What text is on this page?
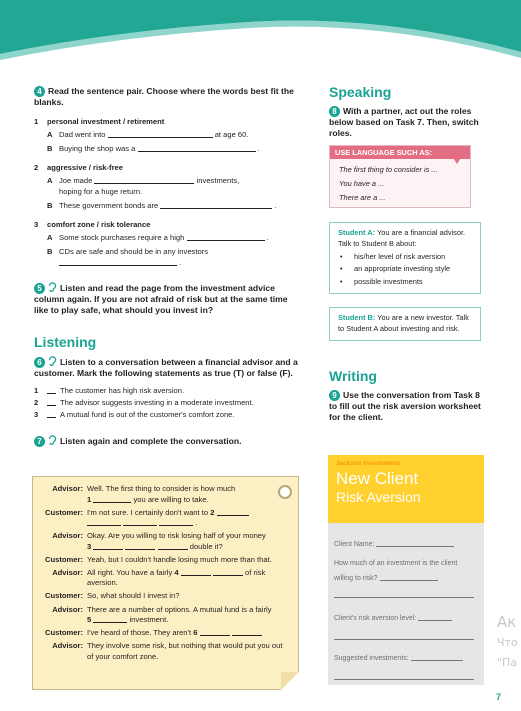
4 Read the sentence pair. Choose where the words best fit the blanks.
1 personal investment / retirement
A Dad went into	at age 60.
B Buying the shop was a	.
2 aggressive / risk-free
A Joe made	investments,
hoping for a huge return.
B These government bonds are	.
3 comfort zone / risk tolerance
A Some stock purchases require a high	.
B CDs are safe and should be in any investors
.
5 Listen and read the page from the investment advice column again. If you are not afraid of risk but at the same time like to play safe, what should you invest in?
Listening
6 Listen to a conversation between a financial advisor and a customer. Mark the following statements as true (T) or false (F).
1	The customer has high risk aversion.
2	The advisor suggests investing in a moderate investment.
3	A mutual fund is out of the customer's comfort zone.
7 Listen again and complete the conversation.
Advisor: Well. The first thing to consider is how much
1	you are willing to take.
Customer: I'm not sure. I certainly don't want to 2
.
Advisor: Okay. Are you willing to risk losing half of your money
3	double it?
Customer: Yeah, but I couldn't handle losing much more than that.
Advisor: All right. You have a fairly 4	of risk aversion.
Customer: So, what should I invest in?
Advisor: There are a number of options. A mutual fund is a fairly
5	investment.
Customer: I've heard of those. They aren't 6
Advisor: They involve some risk, but nothing that would put you out of your comfort zone.
Speaking
8 With a partner, act out the roles below based on Task 7. Then, switch roles.
USE LANGUAGE SUCH AS:
The first thing to consider is ...
You have a ...
There are a ...
Student A: You are a financial advisor. Talk to Student B about:
• his/her level of risk aversion
• an appropriate investing style
• possible investments
Student B: You are a new investor. Talk to Student A about investing and risk.
Writing
9 Use the conversation from Task 8 to fill out the risk aversion worksheet for the client.
Jackson Investments
New Client
Risk Aversion
Client Name:
How much of an investment is the client willing to risk?
Client's risk aversion level:
Suggested investments:
Ак
Что
"Па
7
